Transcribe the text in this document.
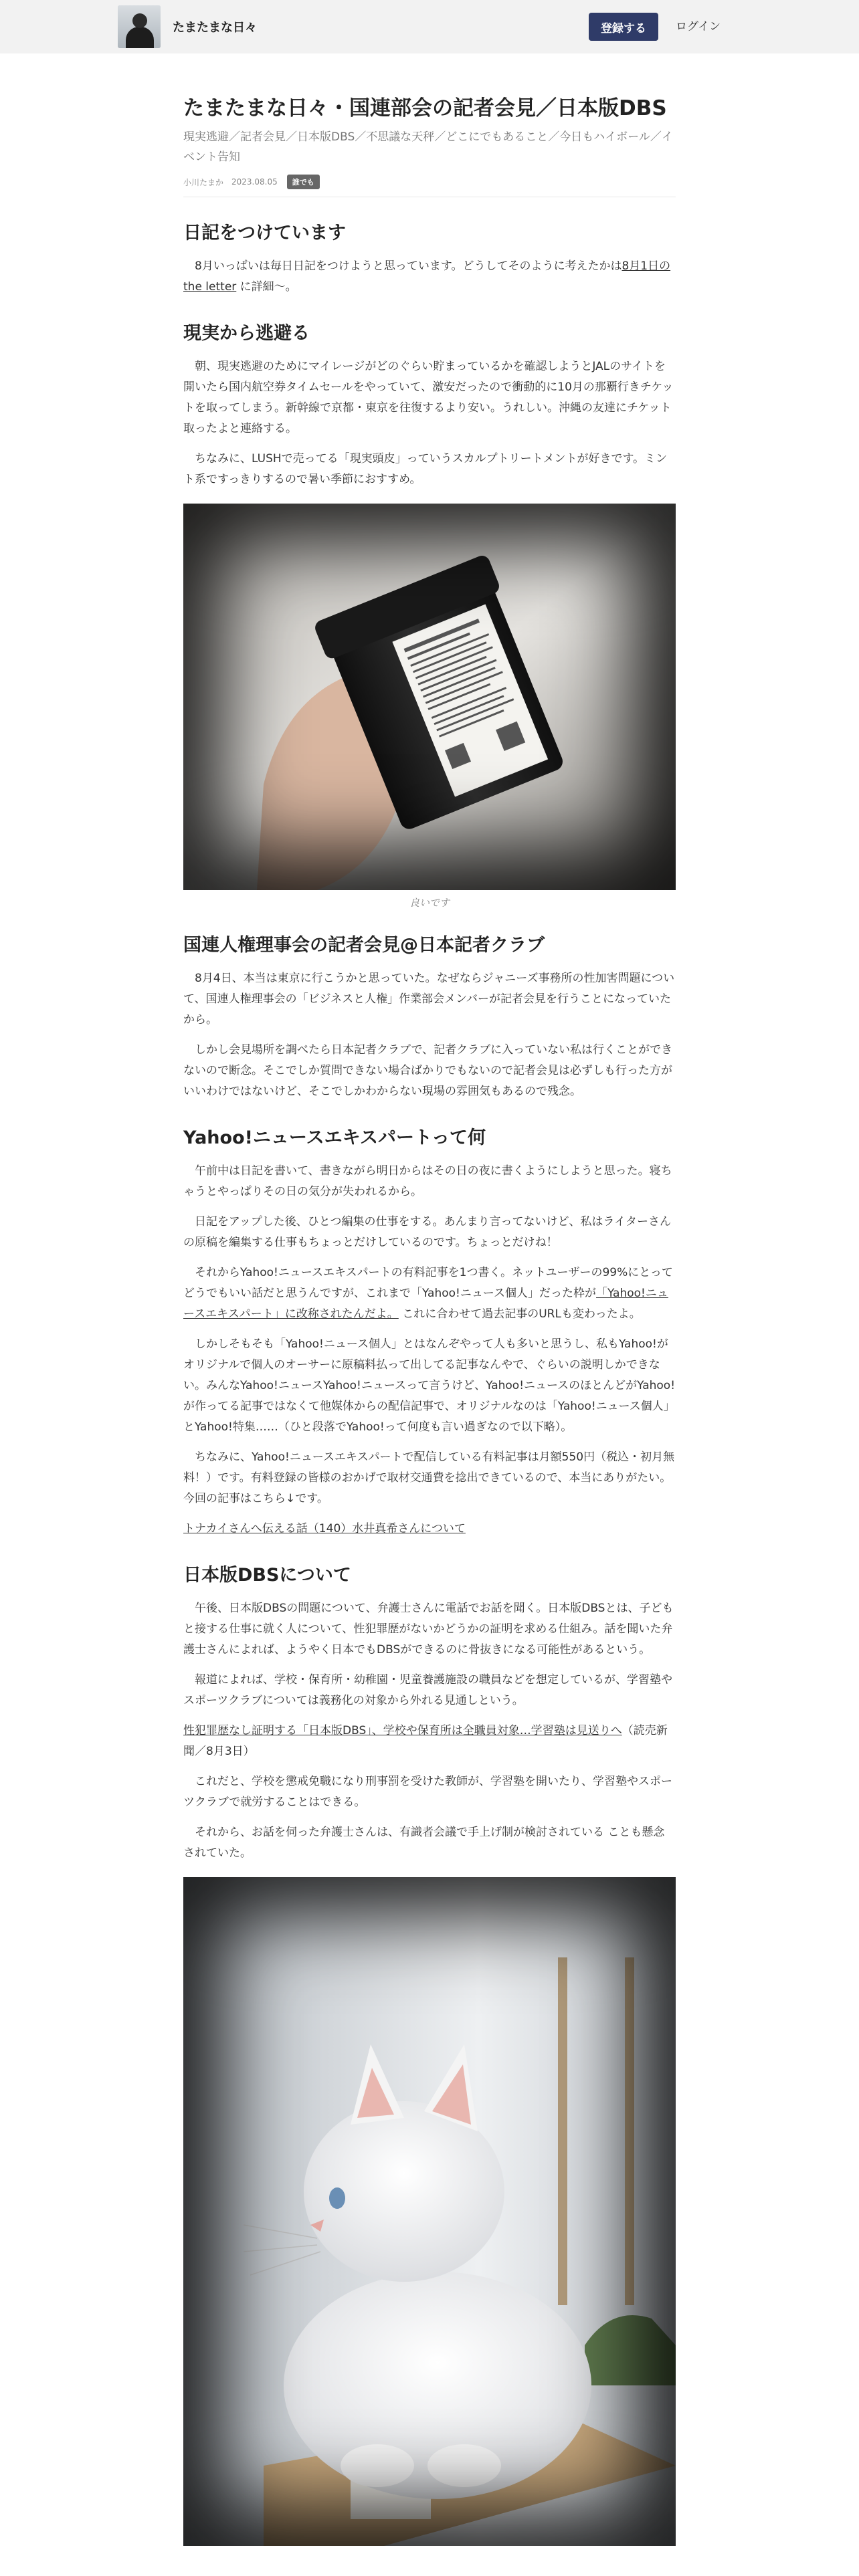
たまたまな日々	登録する	ログイン
たまたまな日々・国連部会の記者会見／日本版DBS
現実逃避／記者会見／日本版DBS／不思議な天秤／どこにでもあること／今日もハイボール／イベント告知
小川たまか 2023.08.05	誰でも
日記をつけています

8月いっぱいは毎日日記をつけようと思っています。どうしてそのように考えたかは8月1日の the letter に詳細〜。

現実から逃避る

朝、現実逃避のためにマイレージがどのぐらい貯まっているかを確認しようとJALのサイトを開いたら国内航空券タイムセールをやっていて、激安だったので衝動的に10月の那覇行きチケットを取ってしまう。新幹線で京都・東京を往復するより安い。うれしい。沖縄の友達にチケット取ったよと連絡する。

ちなみに、LUSHで売ってる「現実頭皮」っていうスカルプトリートメントが好きです。ミント系ですっきりするので暑い季節におすすめ。

良いです
国連人権理事会の記者会見@日本記者クラブ

8月4日、本当は東京に行こうかと思っていた。なぜならジャニーズ事務所の性加害問題について、国連人権理事会の「ビジネスと人権」作業部会メンバーが記者会見を行うことになっていたから。

しかし会見場所を調べたら日本記者クラブで、記者クラブに入っていない私は行くことができないので断念。そこでしか質問できない場合ばかりでもないので記者会見は必ずしも行った方がいいわけではないけど、そこでしかわからない現場の雰囲気もあるので残念。

Yahoo!ニュースエキスパートって何

午前中は日記を書いて、書きながら明日からはその日の夜に書くようにしようと思った。寝ちゃうとやっぱりその日の気分が失われるから。

日記をアップした後、ひとつ編集の仕事をする。あんまり言ってないけど、私はライターさんの原稿を編集する仕事もちょっとだけしているのです。ちょっとだけね！

それからYahoo!ニュースエキスパートの有料記事を1つ書く。ネットユーザーの99%にとってどうでもいい話だと思うんですが、これまで「Yahoo!ニュース個人」だった枠が「Yahoo!ニュースエキスパート」に改称されたんだよ。 これに合わせて過去記事のURLも変わったよ。

しかしそもそも「Yahoo!ニュース個人」とはなんぞやって人も多いと思うし、私もYahoo!がオリジナルで個人のオーサーに原稿料払って出してる記事なんやで、ぐらいの説明しかできない。みんなYahoo!ニュースYahoo!ニュースって言うけど、Yahoo!ニュースのほとんどがYahoo!が作ってる記事ではなくて他媒体からの配信記事で、オリジナルなのは「Yahoo!ニュース個人」とYahoo!特集……（ひと段落でYahoo!って何度も言い過ぎなので以下略）。

ちなみに、Yahoo!ニュースエキスパートで配信している有料記事は月額550円（税込・初月無料！）です。有料登録の皆様のおかげで取材交通費を捻出できているので、本当にありがたい。今回の記事はこちら↓です。

トナカイさんへ伝える話（140）水井真希さんについて

日本版DBSについて

午後、日本版DBSの問題について、弁護士さんに電話でお話を聞く。日本版DBSとは、子どもと接する仕事に就く人について、性犯罪歴がないかどうかの証明を求める仕組み。話を聞いた弁護士さんによれば、ようやく日本でもDBSができるのに骨抜きになる可能性があるという。

報道によれば、学校・保育所・幼稚園・児童養護施設の職員などを想定しているが、学習塾やスポーツクラブについては義務化の対象から外れる見通しという。

性犯罪歴なし証明する「日本版DBS」、学校や保育所は全職員対象…学習塾は見送りへ（読売新聞／8月3日）

これだと、学校を懲戒免職になり刑事罰を受けた教師が、学習塾を開いたり、学習塾やスポーツクラブで就労することはできる。

それから、お話を伺った弁護士さんは、有識者会議で手上げ制が検討されている ことも懸念されていた。
